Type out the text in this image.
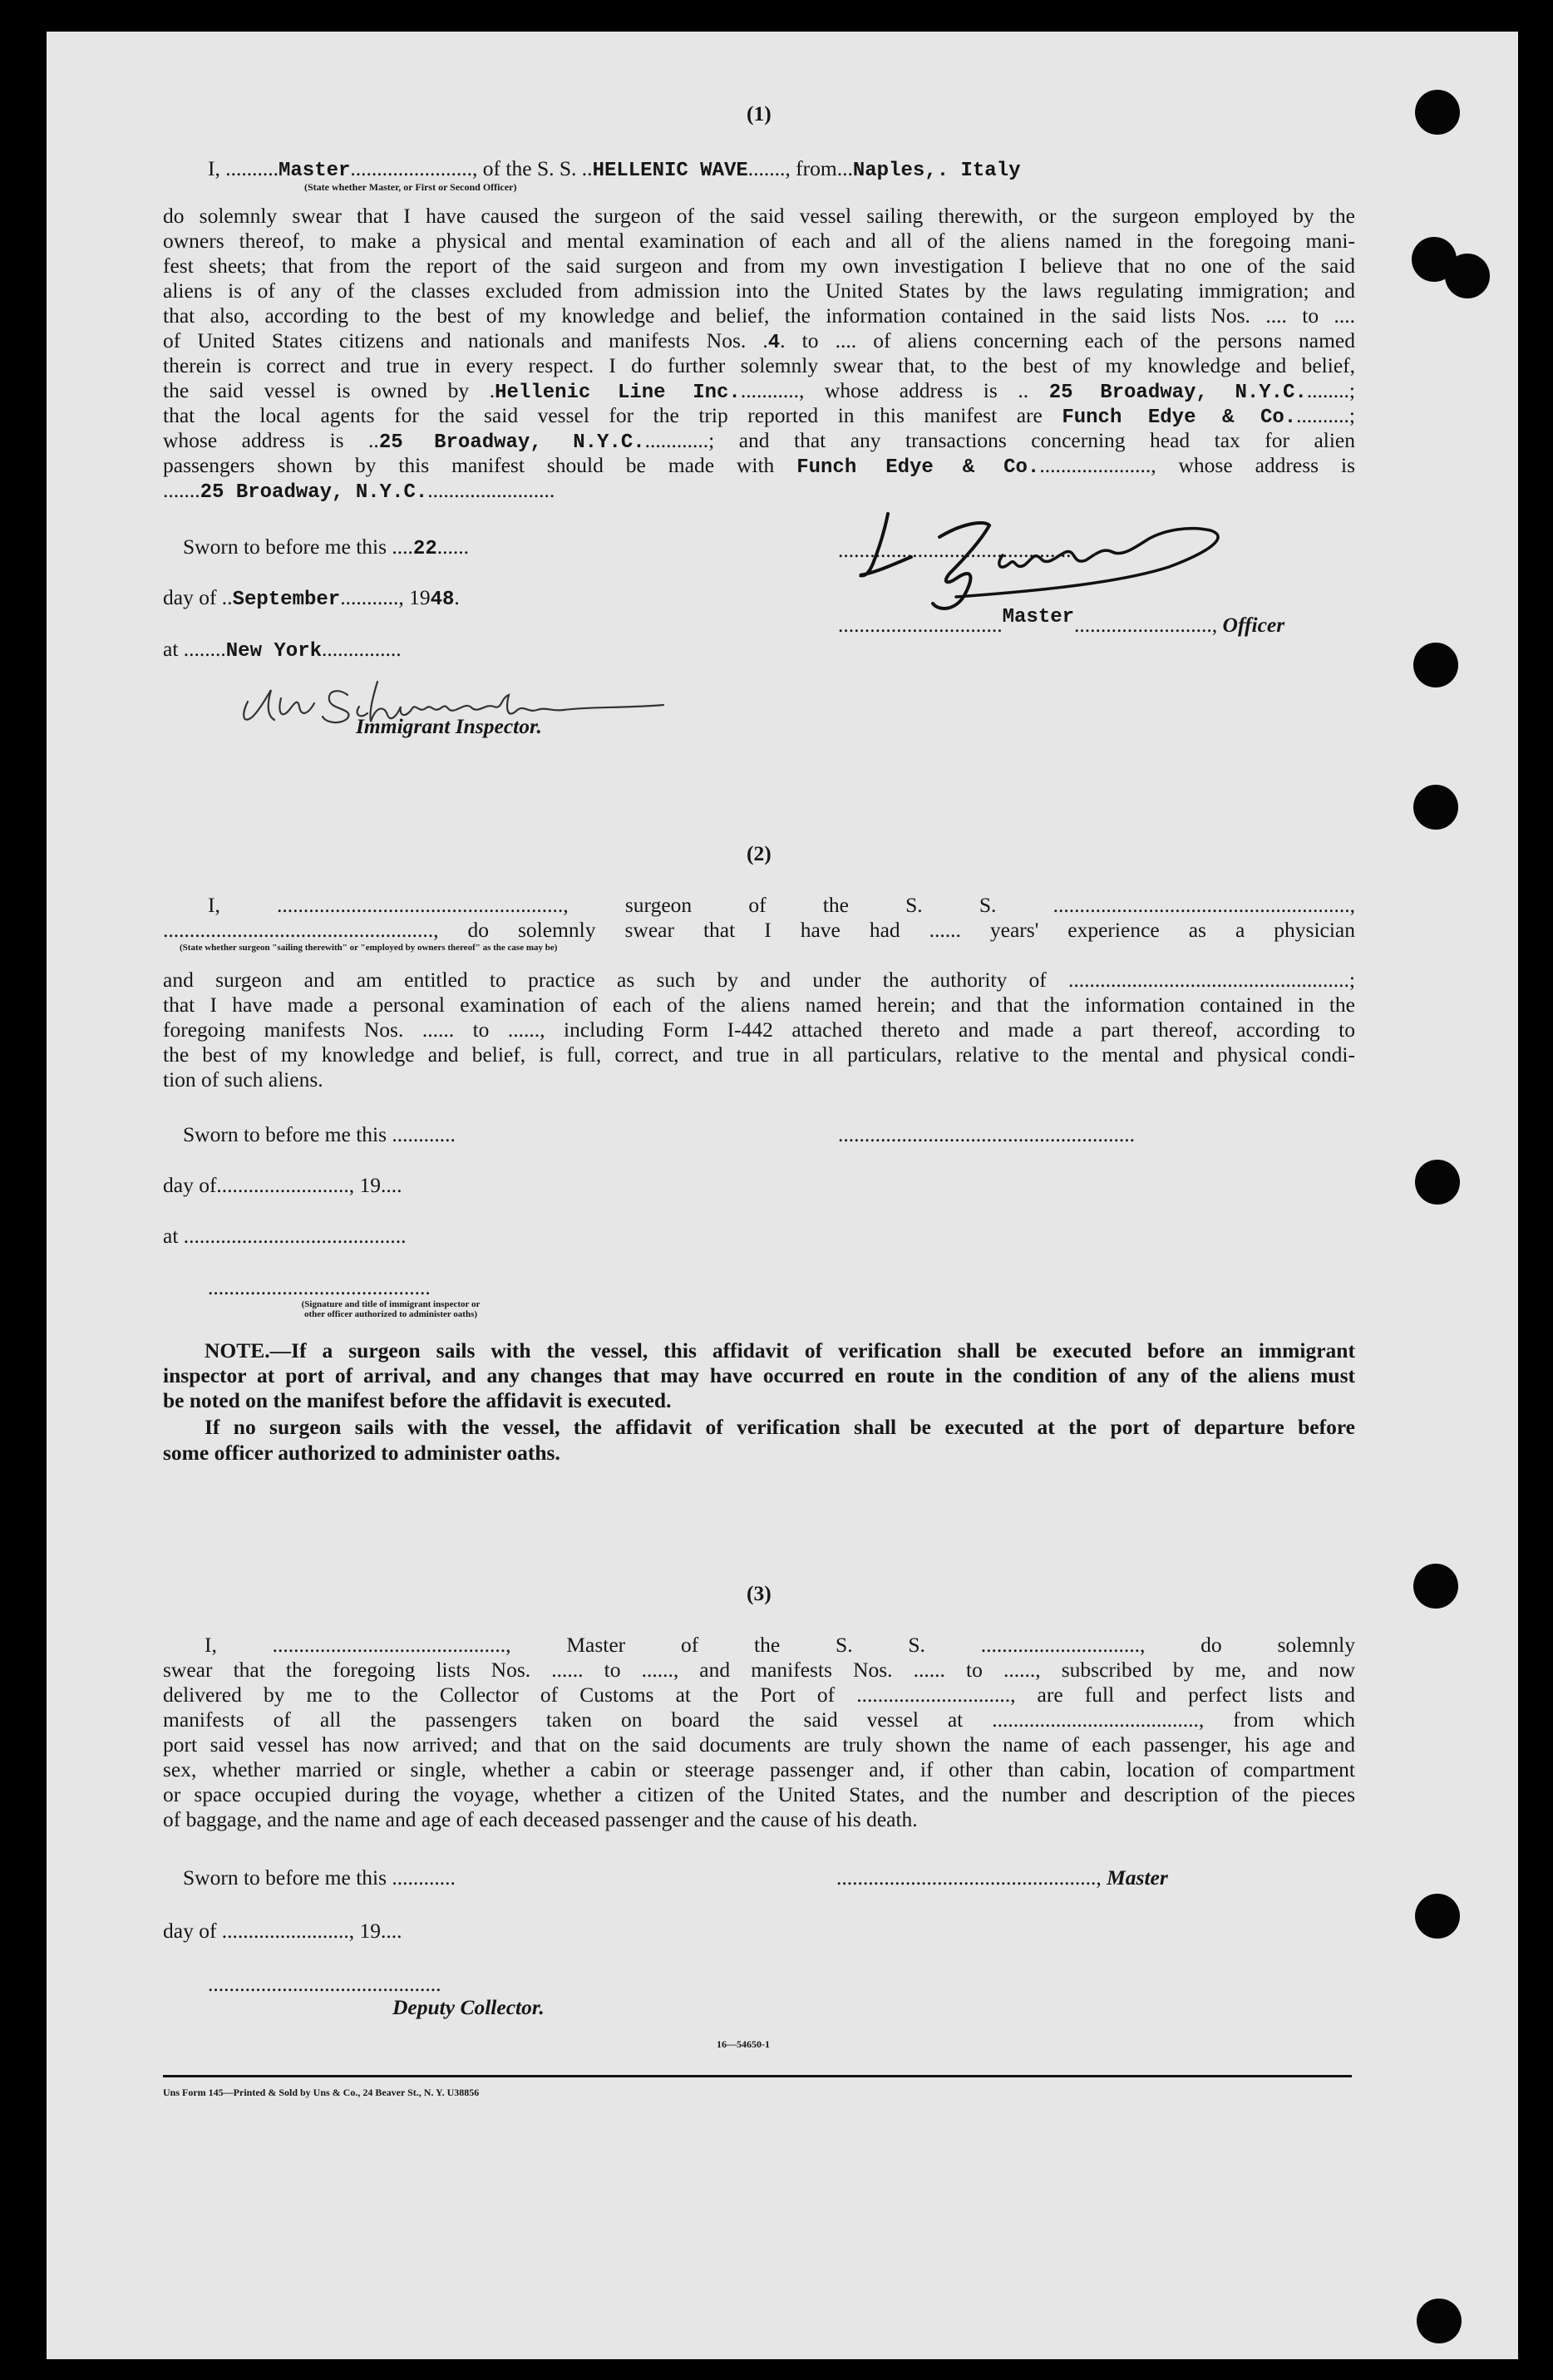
(1)
I, ..........Master......................., of the S. S. ..HELLENIC WAVE......., from...Naples,. Italy
(State whether Master, or First or Second Officer)
do solemnly swear that I have caused the surgeon of the said vessel sailing therewith, or the surgeon employed by the
owners thereof, to make a physical and mental examination of each and all of the aliens named in the foregoing mani-
fest sheets; that from the report of the said surgeon and from my own investigation I believe that no one of the said
aliens is of any of the classes excluded from admission into the United States by the laws regulating immigration; and
that also, according to the best of my knowledge and belief, the information contained in the said lists Nos. .... to ....
of United States citizens and nationals and manifests Nos. .4. to .... of aliens concerning each of the persons named
therein is correct and true in every respect. I do further solemnly swear that, to the best of my knowledge and belief,
the said vessel is owned by .Hellenic Line Inc............, whose address is .. 25 Broadway, N.Y.C.........;
that the local agents for the said vessel for the trip reported in this manifest are Funch Edye & Co...........;
whose address is ..25 Broadway, N.Y.C.............; and that any transactions concerning head tax for alien
passengers shown by this manifest should be made with Funch Edye & Co......................, whose address is
.......25 Broadway, N.Y.C.........................
Sworn to before me this ....22......
day of ..September..........., 1948.
at ........New York...............
............................................
...............................Master.........................., Officer
Immigrant Inspector.
(2)
I, ......................................................, surgeon of the S. S. ........................................................,
..................................................., do solemnly swear that I have had ...... years' experience as a physician
(State whether surgeon "sailing therewith" or "employed by owners thereof" as the case may be)
and surgeon and am entitled to practice as such by and under the authority of .....................................................;
that I have made a personal examination of each of the aliens named herein; and that the information contained in the
foregoing manifests Nos. ...... to ......, including Form I-442 attached thereto and made a part thereof, according to
the best of my knowledge and belief, is full, correct, and true in all particulars, relative to the mental and physical condi-
tion of such aliens.
Sworn to before me this ............	........................................................
day of........................., 19....
at ..........................................
..........................................
(Signature and title of immigrant inspector or
other officer authorized to administer oaths)
NOTE.—If a surgeon sails with the vessel, this affidavit of verification shall be executed before an immigrant
inspector at port of arrival, and any changes that may have occurred en route in the condition of any of the aliens must
be noted on the manifest before the affidavit is executed.
If no surgeon sails with the vessel, the affidavit of verification shall be executed at the port of departure before
some officer authorized to administer oaths.
(3)
I, ............................................, Master of the S. S. .............................., do solemnly
swear that the foregoing lists Nos. ...... to ......, and manifests Nos. ...... to ......, subscribed by me, and now
delivered by me to the Collector of Customs at the Port of ............................., are full and perfect lists and
manifests of all the passengers taken on board the said vessel at ......................................., from which
port said vessel has now arrived; and that on the said documents are truly shown the name of each passenger, his age and
sex, whether married or single, whether a cabin or steerage passenger and, if other than cabin, location of compartment
or space occupied during the voyage, whether a citizen of the United States, and the number and description of the pieces
of baggage, and the name and age of each deceased passenger and the cause of his death.
Sworn to before me this ............	................................................., Master
day of ........................, 19....
............................................
Deputy Collector.
16—54650-1
Uns Form 145—Printed & Sold by Uns & Co., 24 Beaver St., N. Y. U38856
